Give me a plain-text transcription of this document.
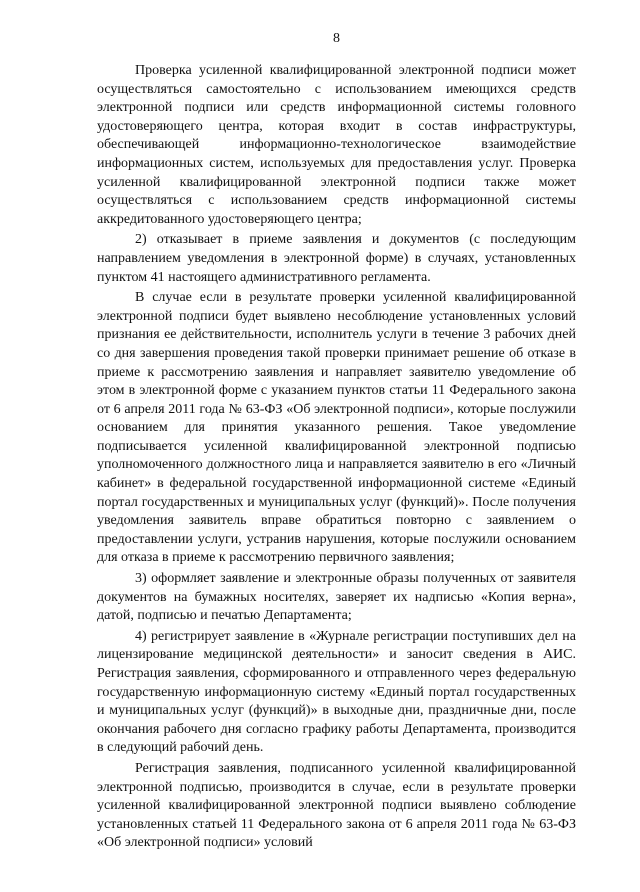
8

Проверка усиленной квалифицированной электронной подписи может осуществляться самостоятельно с использованием имеющихся средств электронной подписи или средств информационной системы головного удостоверяющего центра, которая входит в состав инфраструктуры, обеспечивающей информационно-технологическое взаимодействие информационных систем, используемых для предоставления услуг. Проверка усиленной квалифицированной электронной подписи также может осуществляться с использованием средств информационной системы аккредитованного удостоверяющего центра;

2) отказывает в приеме заявления и документов (с последующим направлением уведомления в электронной форме) в случаях, установленных пунктом 41 настоящего административного регламента.

В случае если в результате проверки усиленной квалифицированной электронной подписи будет выявлено несоблюдение установленных условий признания ее действительности, исполнитель услуги в течение 3 рабочих дней со дня завершения проведения такой проверки принимает решение об отказе в приеме к рассмотрению заявления и направляет заявителю уведомление об этом в электронной форме с указанием пунктов статьи 11 Федерального закона от 6 апреля 2011 года № 63-ФЗ «Об электронной подписи», которые послужили основанием для принятия указанного решения. Такое уведомление подписывается усиленной квалифицированной электронной подписью уполномоченного должностного лица и направляется заявителю в его «Личный кабинет» в федеральной государственной информационной системе «Единый портал государственных и муниципальных услуг (функций)». После получения уведомления заявитель вправе обратиться повторно с заявлением о предоставлении услуги, устранив нарушения, которые послужили основанием для отказа в приеме к рассмотрению первичного заявления;

3) оформляет заявление и электронные образы полученных от заявителя документов на бумажных носителях, заверяет их надписью «Копия верна», датой, подписью и печатью Департамента;

4) регистрирует заявление в «Журнале регистрации поступивших дел на лицензирование медицинской деятельности» и заносит сведения в АИС. Регистрация заявления, сформированного и отправленного через федеральную государственную информационную систему «Единый портал государственных и муниципальных услуг (функций)» в выходные дни, праздничные дни, после окончания рабочего дня согласно графику работы Департамента, производится в следующий рабочий день.

Регистрация заявления, подписанного усиленной квалифицированной электронной подписью, производится в случае, если в результате проверки усиленной квалифицированной электронной подписи выявлено соблюдение установленных статьей 11 Федерального закона от 6 апреля 2011 года № 63-ФЗ «Об электронной подписи» условий
